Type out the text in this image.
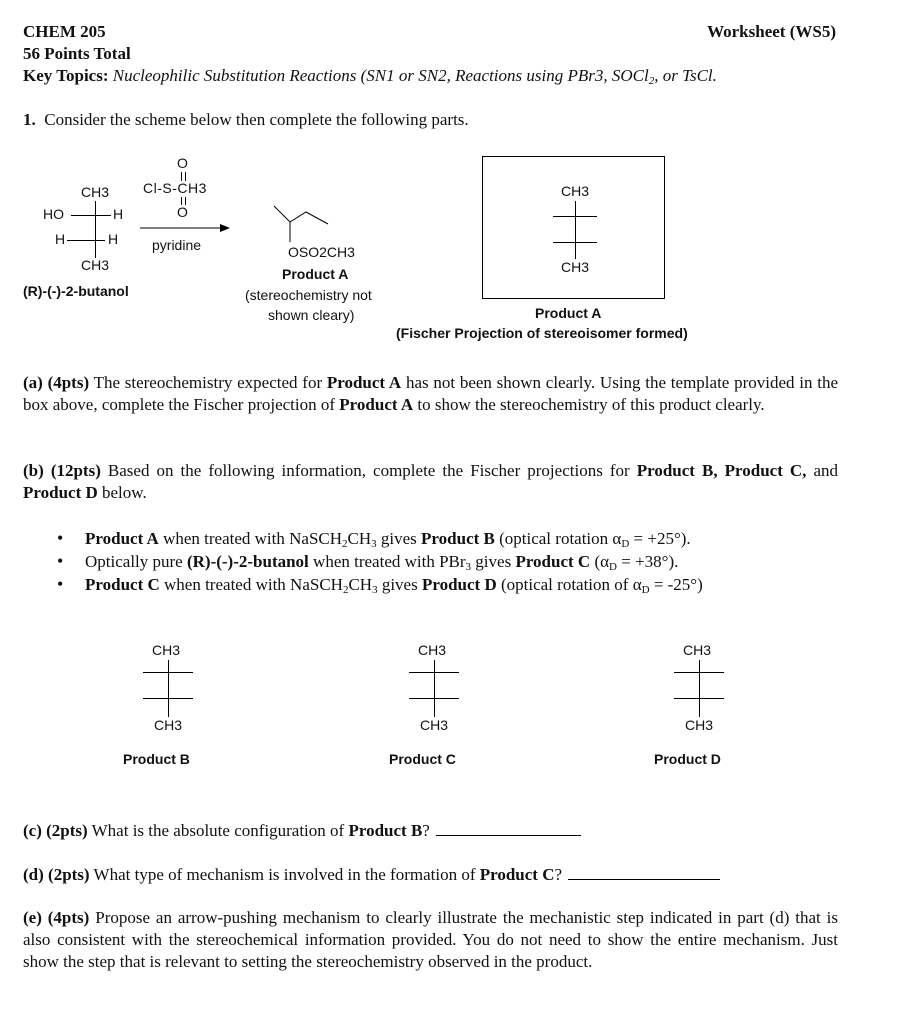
CHEM 205	Worksheet (WS5)
56 Points Total
Key Topics: Nucleophilic Substitution Reactions (SN1 or SN2, Reactions using PBr3, SOCl$_2$, or TsCl.
1. Consider the scheme below then complete the following parts.
CH3
HO	H
H	H
CH3
(R)-(-)-2-butanol
O
Cl-S-CH3
O
pyridine	OSO2CH3
Product A
(stereochemistry not
shown cleary)
CH3
CH3
Product A
(Fischer Projection of stereoisomer formed)
(a) (4pts) The stereochemistry expected for Product A has not been shown clearly. Using the template provided in the box above, complete the Fischer projection of Product A to show the stereochemistry of this product clearly.
(b) (12pts) Based on the following information, complete the Fischer projections for Product B, Product C, and Product D below.
• Product A when treated with $NaSCH_2CH_3$ gives Product B (optical rotation $\alpha_D = +25^\circ$).
• Optically pure (R)-(-)-2-butanol when treated with PBr$_3$ gives Product C $(\alpha_D = +38^\circ)$.
• Product C when treated with $NaSCH_2CH_3$ gives Product D (optical rotation of $\alpha_D = -25^\circ$)
CH3
CH3
Product B
CH3
CH3
Product C
CH3
CH3
Product D
(c) (2pts) What is the absolute configuration of Product B?
(d) (2pts) What type of mechanism is involved in the formation of Product C?
(e) (4pts) Propose an arrow-pushing mechanism to clearly illustrate the mechanistic step indicated in part (d) that is also consistent with the stereochemical information provided. You do not need to show the entire mechanism. Just show the step that is relevant to setting the stereochemistry observed in the product.
